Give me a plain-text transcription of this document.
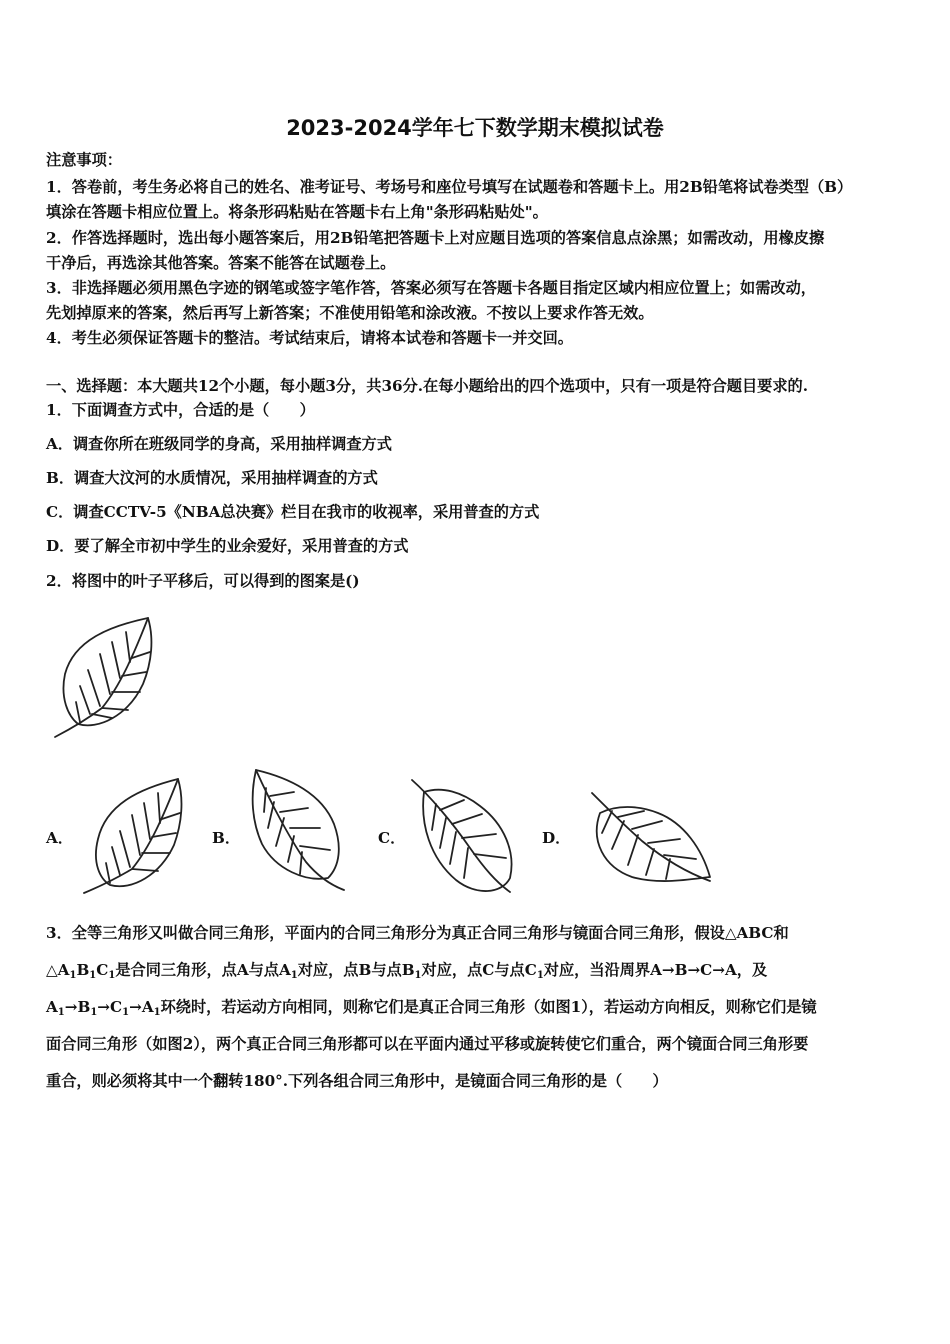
2023-2024学年七下数学期末模拟试卷
注意事项：
1．答卷前，考生务必将自己的姓名、准考证号、考场号和座位号填写在试题卷和答题卡上。用2B铅笔将试卷类型（B）
填涂在答题卡相应位置上。将条形码粘贴在答题卡右上角"条形码粘贴处"。
2．作答选择题时，选出每小题答案后，用2B铅笔把答题卡上对应题目选项的答案信息点涂黑；如需改动，用橡皮擦
干净后，再选涂其他答案。答案不能答在试题卷上。
3．非选择题必须用黑色字迹的钢笔或签字笔作答，答案必须写在答题卡各题目指定区域内相应位置上；如需改动，
先划掉原来的答案，然后再写上新答案；不准使用铅笔和涂改液。不按以上要求作答无效。
4．考生必须保证答题卡的整洁。考试结束后，请将本试卷和答题卡一并交回。
一、选择题：本大题共12个小题，每小题3分，共36分.在每小题给出的四个选项中，只有一项是符合题目要求的.
1．下面调查方式中，合适的是（　　）
A．调查你所在班级同学的身高，采用抽样调查方式
B．调查大汶河的水质情况，采用抽样调查的方式
C．调查CCTV-5《NBA总决赛》栏目在我市的收视率，采用普查的方式
D．要了解全市初中学生的业余爱好，采用普查的方式
2．将图中的叶子平移后，可以得到的图案是()
A．	B．	C．	D．
3．全等三角形又叫做合同三角形，平面内的合同三角形分为真正合同三角形与镜面合同三角形，假设△ABC和
$\triangle A_1B_1C_1$是合同三角形，点A与点$A_1$对应，点B与点$B_1$对应，点C与点$C_1$对应，当沿周界A→B→C→A，及
$A_1\to B_1\to C_1\to A_1$环绕时，若运动方向相同，则称它们是真正合同三角形（如图1），若运动方向相反，则称它们是镜
面合同三角形（如图2），两个真正合同三角形都可以在平面内通过平移或旋转使它们重合，两个镜面合同三角形要
重合，则必须将其中一个翻转180°.下列各组合同三角形中，是镜面合同三角形的是（　　）
